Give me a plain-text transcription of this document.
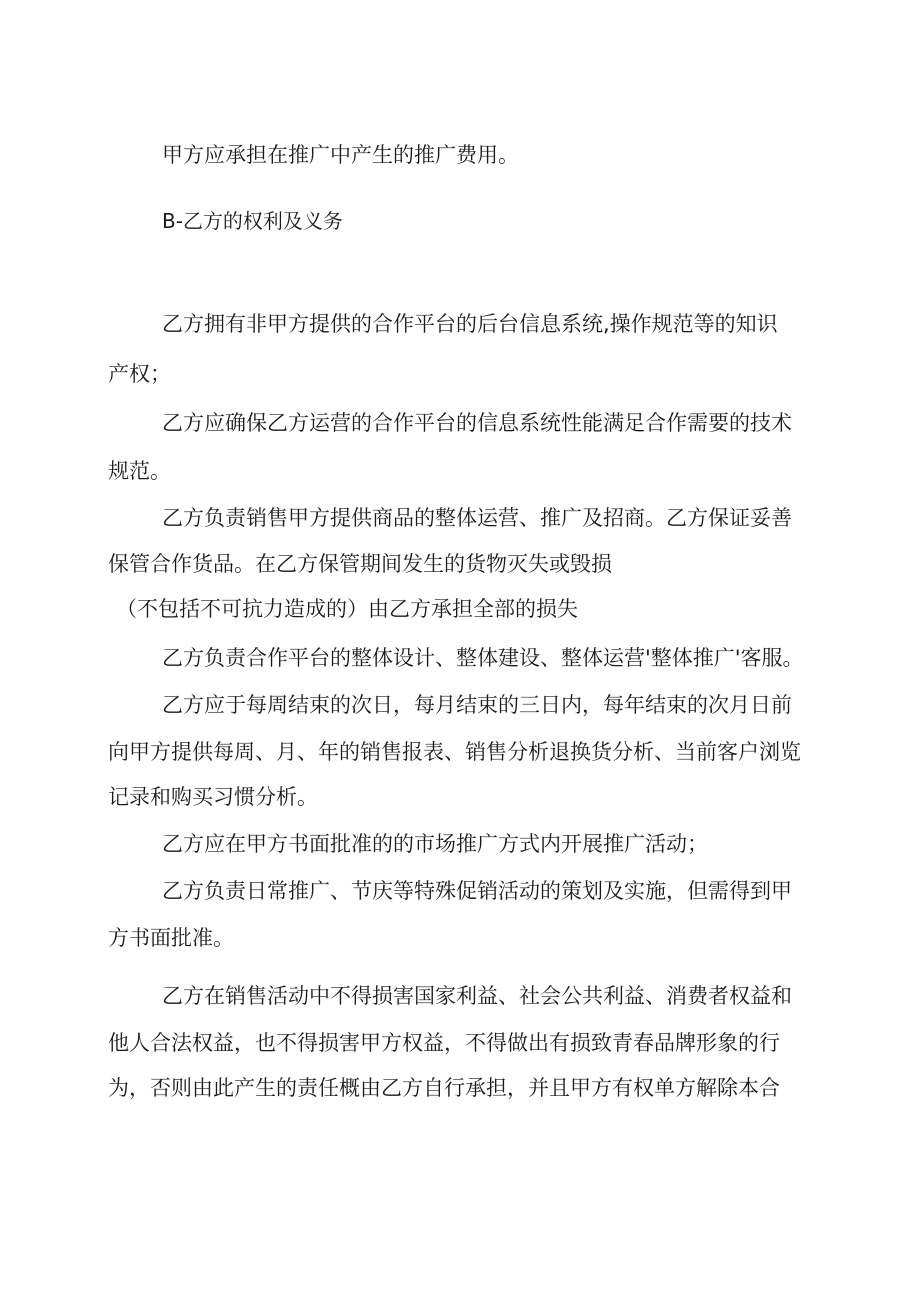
甲方应承担在推广中产生的推广费用。
B-乙方的权利及义务
乙方拥有非甲方提供的合作平台的后台信息系统,操作规范等的知识
产权；
乙方应确保乙方运营的合作平台的信息系统性能满足合作需要的技术
规范。
乙方负责销售甲方提供商品的整体运营、推广及招商。乙方保证妥善
保管合作货品。在乙方保管期间发生的货物灭失或毁损
（不包括不可抗力造成的）由乙方承担全部的损失
乙方负责合作平台的整体设计、整体建设、整体运营'整体推广'客服。
乙方应于每周结束的次日，每月结束的三日内，每年结束的次月日前
向甲方提供每周、月、年的销售报表、销售分析退换货分析、当前客户浏览
记录和购买习惯分析。
乙方应在甲方书面批准的的市场推广方式内开展推广活动；
乙方负责日常推广、节庆等特殊促销活动的策划及实施，但需得到甲
方书面批准。
乙方在销售活动中不得损害国家利益、社会公共利益、消费者权益和
他人合法权益，也不得损害甲方权益，不得做出有损致青春品牌形象的行
为，否则由此产生的责任概由乙方自行承担，并且甲方有权单方解除本合
